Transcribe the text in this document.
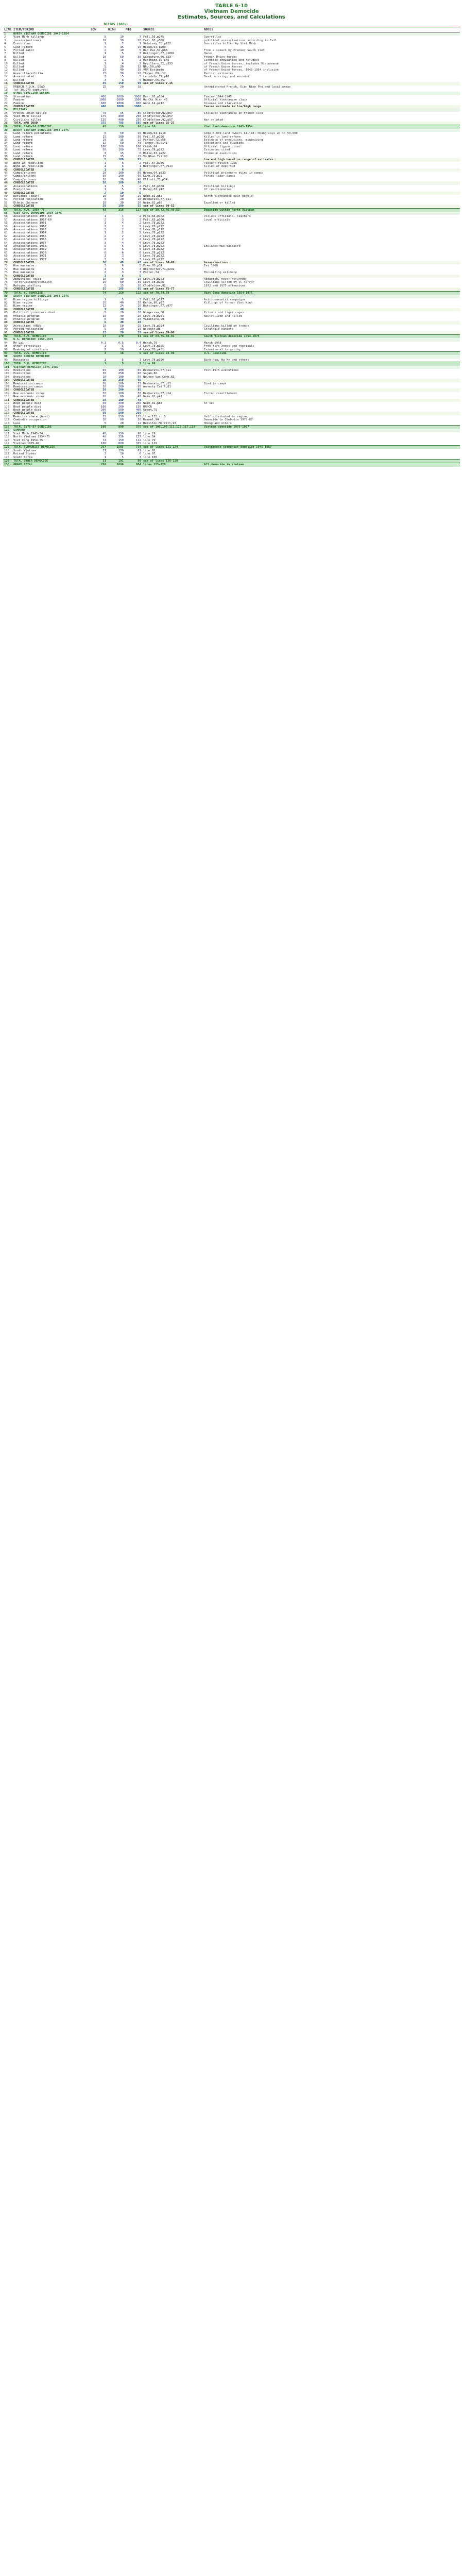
TABLE 6-10
Vietnam Democide
Estimates, Sources, and Calculations
		DEATHS (000s)				
LINE	ITEM/PERIOD	LOW	HIGH	MID	SOURCE	NOTES
1	NORTH VIETNAM DEMOCIDE 1945-1954					
2	Viet Minh killings	5	10	7	Fall,56,p245	Guerrillas
3	(assassinations)	10	30	20	Fall,63,p358	political assassinations according to Fall
4	Executions	1	2	1	Sainteny,70,p122	Guerrillas killed by Viet Minh
5	Land reform	5	15	10	Hoang,64,p209	
6	Forced labor	2	10	5	Bao Dai,57,p88	From a speech by Premier South Viet
7	Killed	1	5	3	Buttinger,67,p1002	Hanoi
8	Killed	10	50	30	Lacouture,66,p23	French Union forces
9	Killed	2	5	3	Marchand,62,p45	Catholic population and refugees
10	Killed	1	4	2	Devillers,52,p333	of French Union forces, includes Vietnamese
11	Killed	5	20	12	Nhu,59,p90	of French Union forces
12	Killed	20	40	30	VNR Estimate	of French Union forces, 1945-1954 inclusive
13	Guerrilla/militia	15	30	20	Thayer,89,p12	Partial estimates
14	Assassinated	2	5	3	Lansdale,72,p18	Dead, missing, and wounded
15	Killed	3	8	5	Hammer,55,p57	
16	CONSOLIDATED	45	150	90	sum of lines 2-15	
17	FRENCH P.O.W. DEAD	15	20	18		Unregistered French, Dien Bien Phu and local areas
18	(of 36,979 captured)					
19	OTHER CIVILIAN DEATHS					
20	Starvation	400	2000	1000	Marr,95,p104	Famine 1944-1945
21	Famine	1000	2000	1500	Ho Chi Minh,45	Official Vietnamese claim
22	Famine	600	1000	800	Gunn,14,p212	Disease and starvation
23	CONSOLIDATED	400	2000	1000		Famine estimate in low/high range
24	MILITARY					
25	French Union killed	75	95	85	Clodfelter,92,p57	Includes Vietnamese on French side
26	Viet Minh killed	175	300	250	Clodfelter,92,p57	
27	Civilians killed	125	400	250	Clodfelter,92,p57	War related
28	TOTAL WAR DEAD	375	795	585	sum of lines 25-27	
29	TOTAL 1945-54 DEMOCIDE	45	150	90	line 16	Viet Minh democide 1945-1954
30	NORTH VIETNAM DEMOCIDE 1954-1975					
31	Land reform executions	5	50	15	Hoang,64,p210	Some 5,000 land owners killed; Hoang says up to 50,000
32	Land reform	15	200	50	Fall,67,p156	Killed in land reform
33	Land reform	10	15	12	Porter,72,p55	Estimate of executions, minimizing
34	Land reform	32	50	40	Turner,75,p141	Executions and suicides
35	Land reform	100	100	100	Chinh,64	Official figure cited
36	Land reform	50	100	75	Lewy,78,p272	Estimates cited
37	Land reform	3	15	6	Moise,83,p222	Probable executions
38	Land reform	15	15	15	Vo Nhan Tri,90	
39	CONSOLIDATED	5	100	25		Low and high based on range of estimates
40	Nghe An rebellion	1	6	2	Fall,67,p156	Peasant revolt 1956
41	Nghe An rebellion	1	6	1	Buttinger,67,p914	Killed or deported
42	CONSOLIDATED	1	6	2		
43	Camps/prisons	20	100	50	Hoang,64,p233	Political prisoners dying in camps
44	Camps/prisons	50	100	60	Kahn,73,p12	Forced labor camps
45	Camps/prisons	30	70	40	Elliott,77,p34	
46	CONSOLIDATED	20	100	50		
47	Assassinations	1	5	2	Fall,63,p358	Political killings
48	Executions	1	5	3	Honey,63,p12	Of reactionaries
49	CONSOLIDATED	2	10	5		
50	Refugees (boat)	10	50	25	Wain,81,p83	North Vietnamese boat people
51	Forced relocation	5	20	10	Desbarats,87,p11	
52	Ethnic Chinese	10	30	20	Wain,81,p83	Expelled or killed
53	CONSOLIDATED	20	100	55	sum of lines 50-52	
54	TOTAL N.V. 1954-75	48	316	137	sum of 39,42,46,49,53	Democide within North Vietnam
55	VIET CONG DEMOCIDE 1954-1975					
56	Assassinations 1957-60	1	4	2	Pike,66,p102	Village officials, teachers
57	Assassinations 1957-60	2	3	2	Fall,63,p360	Local officials
58	Assassinations 1961	1	4	2	Lewy,78,p272	
59	Assassinations 1962	2	2	2	Lewy,78,p272	
60	Assassinations 1963	2	2	2	Lewy,78,p272	
61	Assassinations 1964	1	2	2	Lewy,78,p272	
62	Assassinations 1965	2	2	2	Lewy,78,p272	
63	Assassinations 1966	2	2	2	Lewy,78,p272	
64	Assassinations 1967	3	4	4	Lewy,78,p272	
65	Assassinations 1968	5	5	5	Lewy,78,p272	Includes Hue massacre
66	Assassinations 1969	6	6	6	Lewy,78,p272	
67	Assassinations 1970	6	6	6	Lewy,78,p272	
68	Assassinations 1971	3	3	3	Lewy,78,p272	
69	Assassinations 1972	3	3	3	Lewy,78,p272	
70	CONSOLIDATED	36	48	42	sum of lines 56-69	Assassinations
71	Hue massacre	3	6	5	Pike,70,p31	Tet 1968
72	Hue massacre	3	5	3	Oberdorfer,71,p232	
73	Hue massacre	2	3	3	Porter,74	Minimizing estimate
74	CONSOLIDATED	3	6	5		
75	Abductions (died)	10	30	20	Lewy,78,p273	Abducted, never returned
76	Terror/mining/shelling	20	60	35	Lewy,78,p275	Civilians killed by VC terror
77	Refugee shelling	5	15	10	Clodfelter,92	1972 and 1975 offensives
78	CONSOLIDATED	35	105	65	sum of lines 75-77	
79	TOTAL VC DEMOCIDE	74	159	112	sum of 70,74,78	Viet Cong democide 1954-1975
80	SOUTH VIETNAM DEMOCIDE 1954-1975					
81	Diem regime killings	1	5	3	Fall,63,p327	Anti-communist campaigns
82	Diem regime	20	40	30	Kahin,86,p97	Killings of former Viet Minh
83	Diem regime	12	24	16	Buttinger,67,p977	
84	CONSOLIDATED	1	40	16		
85	Political prisoners died	5	20	10	Wiegersma,88	Prisons and tiger cages
86	Phoenix program	20	40	26	Lewy,78,p281	Neutralized and killed
87	Phoenix program	6	40	20	Valentine,90	
88	CONSOLIDATED	6	40	20		
89	Atrocities (ARVN)	10	50	25	Lewy,78,p324	Civilians killed by troops
90	Forced relocation	5	20	10	Wiesner,88	Strategic hamlets
91	CONSOLIDATED	15	70	35	sum of lines 89-90	
92	TOTAL S.V. DEMOCIDE	27	170	81	sum of 84,85,88,91	South Vietnam democide 1954-1975
93	U.S. DEMOCIDE 1960-1972					
94	My Lai	0.3	0.5	0.4	Hersh,70	March 1968
95	Other atrocities	1	5	2	Lewy,78,p325	Free-fire zones and reprisals
96	Bombing of civilians	2	10	4	Lewy,78,p451	Intentional targeting
97	TOTAL U.S. DEMOCIDE	3	16	6	sum of lines 94-96	U.S. democide
98	SOUTH KOREAN DEMOCIDE					
99	Massacres	1	5	3	Lewy,78,p326	Binh Hoa, Ha My and others
100	TOTAL S.K. DEMOCIDE	1	5	3	line 99	
101	VIETNAM DEMOCIDE 1975-1987					
102	Executions	65	100	65	Desbarats,87,p11	Post-1975 executions
103	Executions	30	250	60	Sagan,86	
104	Executions	10	100	50	Nguyen Van Canh,83	
105	CONSOLIDATED	10	250	65		
106	Reeducation camps	50	100	75	Desbarats,87,p13	Died in camps
107	Reeducation camps	30	200	95	Amnesty Int'l,81	
108	CONSOLIDATED	30	200	95		
109	New economic zones	50	100	50	Desbarats,87,p14	Forced resettlement
110	New economic zones	20	60	48	Wain,81,p47	
111	CONSOLIDATED	20	100	48		
112	Boat people died	50	400	250	Wain,81,p83	At sea
113	Boat people died	100	200	150	UNHCR	
114	Boat people died	200	500	400	Grant,79	
115	CONSOLIDATED	50	500	250		
116	Democide share (boat)	25	250	125	line 115 x .5	Half attributed to regime
117	Cambodia occupation	10	60	30	Rummel,94	Democide in Cambodia 1979-87
118	Laos	5	20	12	Hamilton-Merritt,93	Hmong and others
119	TOTAL 1975-87 DEMOCIDE	100	880	375	sum of 105,108,111,116,117,118	Vietnam democide 1975-1987
120	SUMMARY					
121	Viet Minh 1945-54	45	150	90	line 29	
122	North Vietnam 1954-75	48	316	137	line 54	
123	Viet Cong 1954-75	74	159	112	line 79	
124	Vietnam 1975-87	100	880	375	line 119	
125	TOTAL COMMUNIST DEMOCIDE	267	1505	714	sum of lines 121-124	Vietnamese communist democide 1945-1987
126	South Vietnam	27	170	81	line 92	
127	United States	3	16	6	line 97	
128	South Korea	1	5	3	line 100	
129	TOTAL OTHER DEMOCIDE	31	191	90	sum of lines 126-128	
130	GRAND TOTAL	298	1696	804	lines 125+129	All democide in Vietnam
